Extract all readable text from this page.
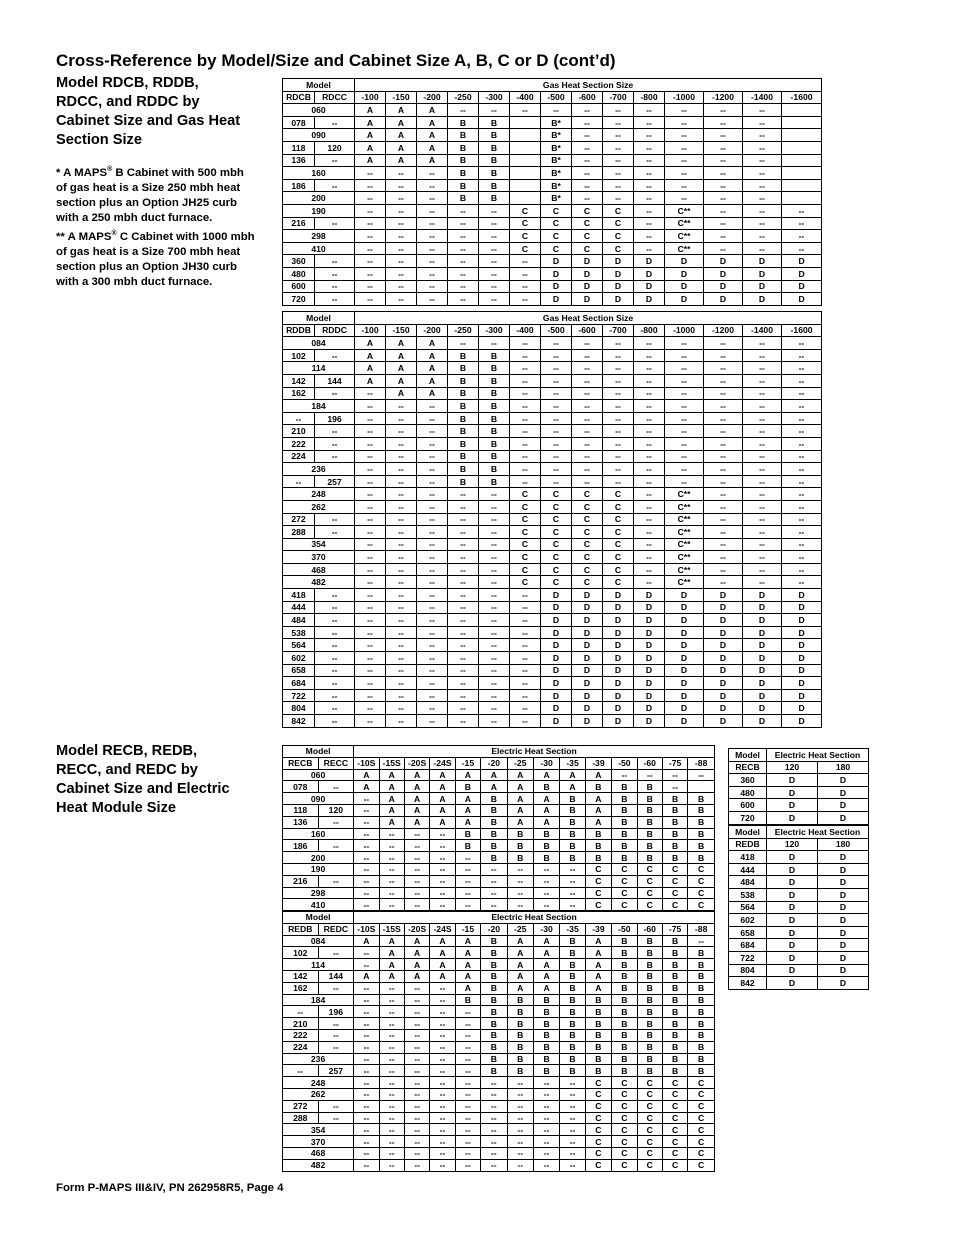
Cross-Reference by Model/Size and Cabinet Size A, B, C or D (cont’d)
Model RDCB, RDDB,
RDCC, and RDDC by
Cabinet Size and Gas Heat
Section Size
* A MAPS® B Cabinet with 500 mbh of gas heat is a Size 250 mbh heat section plus an Option JH25 curb with a 250 mbh duct furnace.
** A MAPS® C Cabinet with 1000 mbh of gas heat is a Size 700 mbh heat section plus an Option JH30 curb with a 300 mbh duct furnace.
Model RECB, REDB,
RECC, and REDC by
Cabinet Size and Electric
Heat Module Size
Model		Gas Heat Section Size													
RDCB	RDCC	-100	-150	-200	-250	-300	-400	-500	-600	-700	-800	-1000	-1200	-1400	-1600
060		A	A	A	--	--	--	--	--	--	--	--	--	--	
078	--	A	A	A	B	B		B*	--	--	--	--	--	--	
090		A	A	A	B	B		B*	--	--	--	--	--	--	
118	120	A	A	A	B	B		B*	--	--	--	--	--	--	
136	--	A	A	A	B	B		B*	--	--	--	--	--	--	
160		--	--	--	B	B		B*	--	--	--	--	--	--	
186	--	--	--	--	B	B		B*	--	--	--	--	--	--	
200		--	--	--	B	B		B*	--	--	--	--	--	--	
190		--	--	--	--	--	C	C	C	C	--	C**	--	--	--
216	--	--	--	--	--	--	C	C	C	C	--	C**	--	--	--
298		--	--	--	--	--	C	C	C	C	--	C**	--	--	--
410		--	--	--	--	--	C	C	C	C	--	C**	--	--	--
360	--	--	--	--	--	--	--	D	D	D	D	D	D	D	D
480	--	--	--	--	--	--	--	D	D	D	D	D	D	D	D
600	--	--	--	--	--	--	--	D	D	D	D	D	D	D	D
720	--	--	--	--	--	--	--	D	D	D	D	D	D	D	D
Model		Gas Heat Section Size													
RDDB	RDDC	-100	-150	-200	-250	-300	-400	-500	-600	-700	-800	-1000	-1200	-1400	-1600
084		A	A	A	--	--	--	--	--	--	--	--	--	--	--
102	--	A	A	A	B	B	--	--	--	--	--	--	--	--	--
114		A	A	A	B	B	--	--	--	--	--	--	--	--	--
142	144	A	A	A	B	B	--	--	--	--	--	--	--	--	--
162	--	--	A	A	B	B	--	--	--	--	--	--	--	--	--
184		--	--	--	B	B	--	--	--	--	--	--	--	--	--
--	196	--	--	--	B	B	--	--	--	--	--	--	--	--	--
210	--	--	--	--	B	B	--	--	--	--	--	--	--	--	--
222	--	--	--	--	B	B	--	--	--	--	--	--	--	--	--
224	--	--	--	--	B	B	--	--	--	--	--	--	--	--	--
236		--	--	--	B	B	--	--	--	--	--	--	--	--	--
--	257	--	--	--	B	B	--	--	--	--	--	--	--	--	--
248		--	--	--	--	--	C	C	C	C	--	C**	--	--	--
262		--	--	--	--	--	C	C	C	C	--	C**	--	--	--
272	--	--	--	--	--	--	C	C	C	C	--	C**	--	--	--
288	--	--	--	--	--	--	C	C	C	C	--	C**	--	--	--
354		--	--	--	--	--	C	C	C	C	--	C**	--	--	--
370		--	--	--	--	--	C	C	C	C	--	C**	--	--	--
468		--	--	--	--	--	C	C	C	C	--	C**	--	--	--
482		--	--	--	--	--	C	C	C	C	--	C**	--	--	--
418	--	--	--	--	--	--	--	D	D	D	D	D	D	D	D
444	--	--	--	--	--	--	--	D	D	D	D	D	D	D	D
484	--	--	--	--	--	--	--	D	D	D	D	D	D	D	D
538	--	--	--	--	--	--	--	D	D	D	D	D	D	D	D
564	--	--	--	--	--	--	--	D	D	D	D	D	D	D	D
602	--	--	--	--	--	--	--	D	D	D	D	D	D	D	D
658	--	--	--	--	--	--	--	D	D	D	D	D	D	D	D
684	--	--	--	--	--	--	--	D	D	D	D	D	D	D	D
722	--	--	--	--	--	--	--	D	D	D	D	D	D	D	D
804	--	--	--	--	--	--	--	D	D	D	D	D	D	D	D
842	--	--	--	--	--	--	--	D	D	D	D	D	D	D	D
Model		Electric Heat Section													
RECB	RECC	-10S	-15S	-20S	-24S	-15	-20	-25	-30	-35	-39	-50	-60	-75	-88
060		A	A	A	A	A	A	A	A	A	A	--	--	--	--
078	--	A	A	A	A	B	A	A	B	A	B	B	B	--	
090		--	A	A	A	A	B	A	A	B	A	B	B	B	B
118	120	--	A	A	A	A	B	A	A	B	A	B	B	B	B
136	--	--	A	A	A	A	B	A	A	B	A	B	B	B	B
160		--	--	--	--	B	B	B	B	B	B	B	B	B	B
186	--	--	--	--	--	B	B	B	B	B	B	B	B	B	B
200		--	--	--	--	--	B	B	B	B	B	B	B	B	B
190		--	--	--	--	--	--	--	--	--	C	C	C	C	C
216	--	--	--	--	--	--	--	--	--	--	C	C	C	C	C
298		--	--	--	--	--	--	--	--	--	C	C	C	C	C
410		--	--	--	--	--	--	--	--	--	C	C	C	C	C
Model		Electric Heat Section													
REDB	REDC	-10S	-15S	-20S	-24S	-15	-20	-25	-30	-35	-39	-50	-60	-75	-88
084		A	A	A	A	A	B	A	A	B	A	B	B	B	--
102	--	--	A	A	A	A	B	A	A	B	A	B	B	B	B
114		--	A	A	A	A	B	A	A	B	A	B	B	B	B
142	144	A	A	A	A	A	B	A	A	B	A	B	B	B	B
162	--	--	--	--	--	A	B	A	A	B	A	B	B	B	B
184		--	--	--	--	B	B	B	B	B	B	B	B	B	B
--	196	--	--	--	--	--	B	B	B	B	B	B	B	B	B
210	--	--	--	--	--	--	B	B	B	B	B	B	B	B	B
222	--	--	--	--	--	--	B	B	B	B	B	B	B	B	B
224	--	--	--	--	--	--	B	B	B	B	B	B	B	B	B
236		--	--	--	--	--	B	B	B	B	B	B	B	B	B
--	257	--	--	--	--	--	B	B	B	B	B	B	B	B	B
248		--	--	--	--	--	--	--	--	--	C	C	C	C	C
262		--	--	--	--	--	--	--	--	--	C	C	C	C	C
272	--	--	--	--	--	--	--	--	--	--	C	C	C	C	C
288	--	--	--	--	--	--	--	--	--	--	C	C	C	C	C
354		--	--	--	--	--	--	--	--	--	C	C	C	C	C
370		--	--	--	--	--	--	--	--	--	C	C	C	C	C
468		--	--	--	--	--	--	--	--	--	C	C	C	C	C
482		--	--	--	--	--	--	--	--	--	C	C	C	C	C
Model	Electric Heat Section	
RECB	120	180
360	D	D
480	D	D
600	D	D
720	D	D
Model	Electric Heat Section	
REDB	120	180
418	D	D
444	D	D
484	D	D
538	D	D
564	D	D
602	D	D
658	D	D
684	D	D
722	D	D
804	D	D
842	D	D
Form P-MAPS III&IV, PN 262958R5, Page 4
